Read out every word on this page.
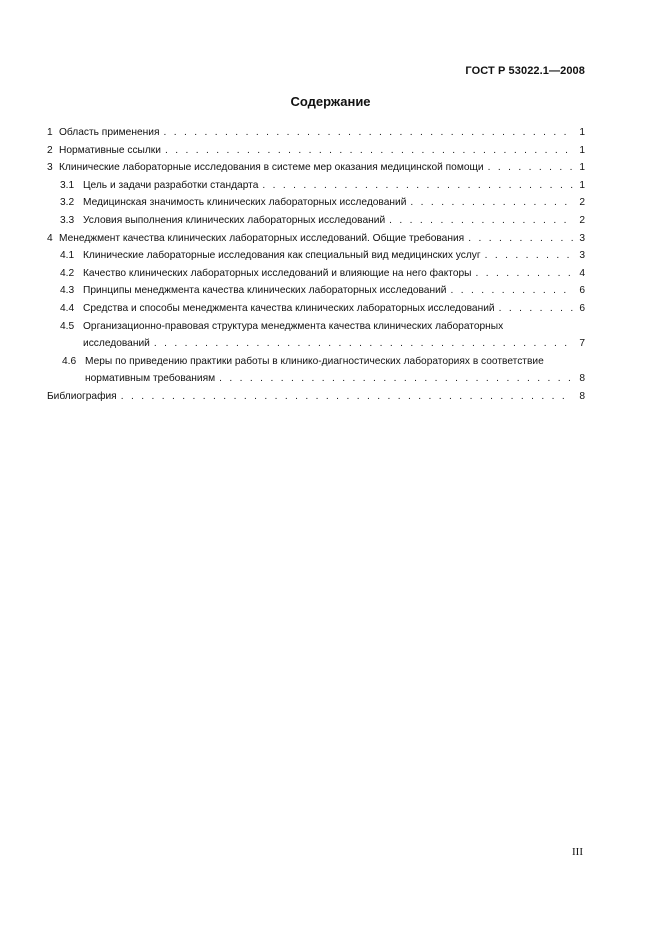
ГОСТ Р 53022.1—2008
Содержание
1 Область применения . . .	1
2 Нормативные ссылки . . .	1
3 Клинические лабораторные исследования в системе мер оказания медицинской помощи . . .	1
3.1 Цель и задачи разработки стандарта . . .	1
3.2 Медицинская значимость клинических лабораторных исследований . . .	2
3.3 Условия выполнения клинических лабораторных исследований . . .	2
4 Менеджмент качества клинических лабораторных исследований. Общие требования . . .	3
4.1 Клинические лабораторные исследования как специальный вид медицинских услуг . . .	3
4.2 Качество клинических лабораторных исследований и влияющие на него факторы . . .	4
4.3 Принципы менеджмента качества клинических лабораторных исследований . . .	6
4.4 Средства и способы менеджмента качества клинических лабораторных исследований . . .	6
4.5 Организационно-правовая структура менеджмента качества клинических лабораторных
исследований . . .	7
4.6 Меры по приведению практики работы в клинико-диагностических лабораториях в соответствие
нормативным требованиям . . .	8
Библиография . . .	8
III
